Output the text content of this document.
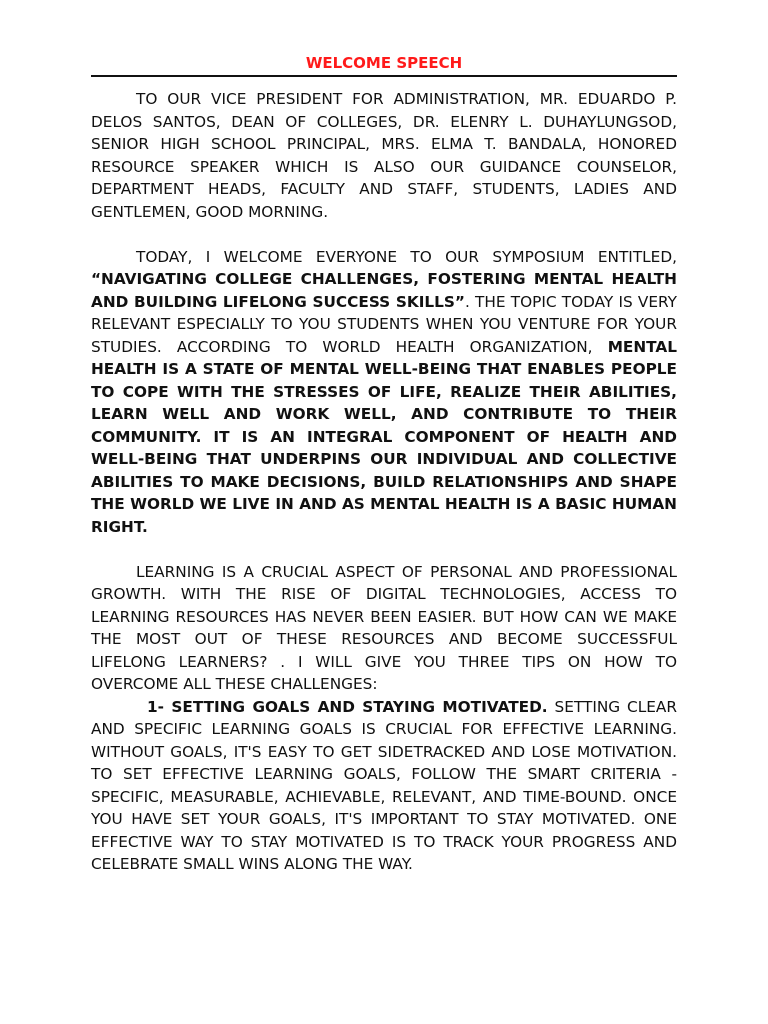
WELCOME SPEECH

TO OUR VICE PRESIDENT FOR ADMINISTRATION, MR. EDUARDO P. DELOS SANTOS, DEAN OF COLLEGES, DR. ELENRY L. DUHAYLUNGSOD, SENIOR HIGH SCHOOL PRINCIPAL, MRS. ELMA T. BANDALA, HONORED RESOURCE SPEAKER WHICH IS ALSO OUR GUIDANCE COUNSELOR, DEPARTMENT HEADS, FACULTY AND STAFF, STUDENTS, LADIES AND GENTLEMEN, GOOD MORNING.

TODAY, I WELCOME EVERYONE TO OUR SYMPOSIUM ENTITLED, “NAVIGATING COLLEGE CHALLENGES, FOSTERING MENTAL HEALTH AND BUILDING LIFELONG SUCCESS SKILLS”. THE TOPIC TODAY IS VERY RELEVANT ESPECIALLY TO YOU STUDENTS WHEN YOU VENTURE FOR YOUR STUDIES. ACCORDING TO WORLD HEALTH ORGANIZATION, MENTAL HEALTH IS A STATE OF MENTAL WELL-BEING THAT ENABLES PEOPLE TO COPE WITH THE STRESSES OF LIFE, REALIZE THEIR ABILITIES, LEARN WELL AND WORK WELL, AND CONTRIBUTE TO THEIR COMMUNITY. IT IS AN INTEGRAL COMPONENT OF HEALTH AND WELL-BEING THAT UNDERPINS OUR INDIVIDUAL AND COLLECTIVE ABILITIES TO MAKE DECISIONS, BUILD RELATIONSHIPS AND SHAPE THE WORLD WE LIVE IN AND AS MENTAL HEALTH IS A BASIC HUMAN RIGHT.

LEARNING IS A CRUCIAL ASPECT OF PERSONAL AND PROFESSIONAL GROWTH. WITH THE RISE OF DIGITAL TECHNOLOGIES, ACCESS TO LEARNING RESOURCES HAS NEVER BEEN EASIER. BUT HOW CAN WE MAKE THE MOST OUT OF THESE RESOURCES AND BECOME SUCCESSFUL LIFELONG LEARNERS? . I WILL GIVE YOU THREE TIPS ON HOW TO OVERCOME ALL THESE CHALLENGES:

1- SETTING GOALS AND STAYING MOTIVATED. SETTING CLEAR AND SPECIFIC LEARNING GOALS IS CRUCIAL FOR EFFECTIVE LEARNING. WITHOUT GOALS, IT'S EASY TO GET SIDETRACKED AND LOSE MOTIVATION. TO SET EFFECTIVE LEARNING GOALS, FOLLOW THE SMART CRITERIA - SPECIFIC, MEASURABLE, ACHIEVABLE, RELEVANT, AND TIME-BOUND. ONCE YOU HAVE SET YOUR GOALS, IT'S IMPORTANT TO STAY MOTIVATED. ONE EFFECTIVE WAY TO STAY MOTIVATED IS TO TRACK YOUR PROGRESS AND CELEBRATE SMALL WINS ALONG THE WAY.
